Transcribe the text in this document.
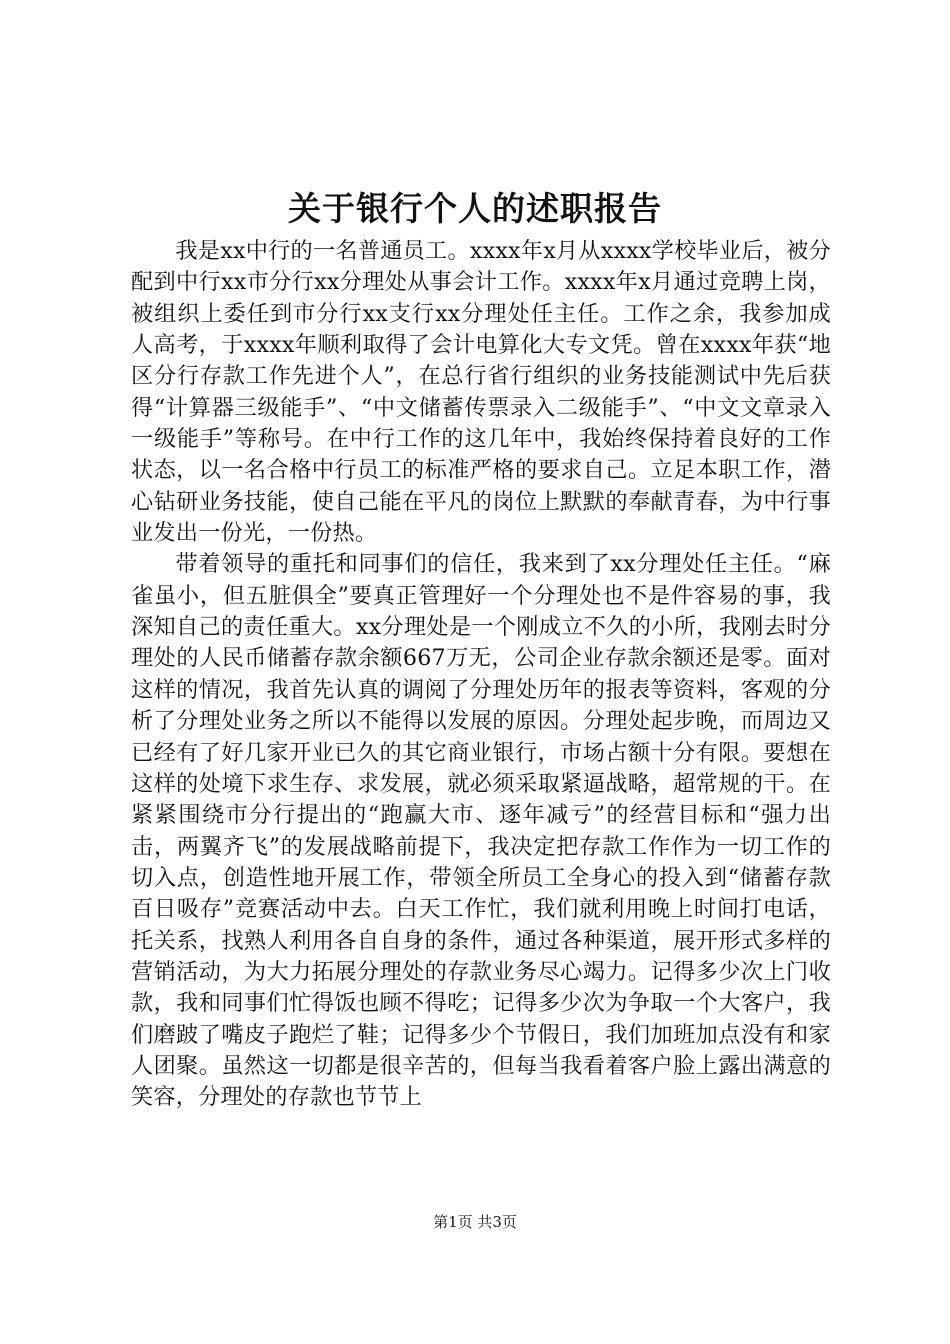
关于银行个人的述职报告

我是xx中行的一名普通员工。xxxx年x月从xxxx学校毕业后，被分配到中行xx市分行xx分理处从事会计工作。xxxx年x月通过竞聘上岗，被组织上委任到市分行xx支行xx分理处任主任。工作之余，我参加成人高考，于xxxx年顺利取得了会计电算化大专文凭。曾在xxxx年获“地区分行存款工作先进个人”，在总行省行组织的业务技能测试中先后获得“计算器三级能手”、“中文储蓄传票录入二级能手”、“中文文章录入一级能手”等称号。在中行工作的这几年中，我始终保持着良好的工作状态，以一名合格中行员工的标准严格的要求自己。立足本职工作，潜心钻研业务技能，使自己能在平凡的岗位上默默的奉献青春，为中行事业发出一份光，一份热。

带着领导的重托和同事们的信任，我来到了xx分理处任主任。“麻雀虽小，但五脏俱全”要真正管理好一个分理处也不是件容易的事，我深知自己的责任重大。xx分理处是一个刚成立不久的小所，我刚去时分理处的人民币储蓄存款余额667万无，公司企业存款余额还是零。面对这样的情况，我首先认真的调阅了分理处历年的报表等资料，客观的分析了分理处业务之所以不能得以发展的原因。分理处起步晚，而周边又已经有了好几家开业已久的其它商业银行，市场占额十分有限。要想在这样的处境下求生存、求发展，就必须采取紧逼战略，超常规的干。在紧紧围绕市分行提出的“跑赢大市、逐年减亏”的经营目标和“强力出击，两翼齐飞”的发展战略前提下，我决定把存款工作作为一切工作的切入点，创造性地开展工作，带领全所员工全身心的投入到“储蓄存款百日吸存”竞赛活动中去。白天工作忙，我们就利用晚上时间打电话，托关系，找熟人利用各自自身的条件，通过各种渠道，展开形式多样的营销活动，为大力拓展分理处的存款业务尽心竭力。记得多少次上门收款，我和同事们忙得饭也顾不得吃；记得多少次为争取一个大客户，我们磨跛了嘴皮子跑烂了鞋；记得多少个节假日，我们加班加点没有和家人团聚。虽然这一切都是很辛苦的，但每当我看着客户脸上露出满意的笑容，分理处的存款也节节上

第1页 共3页
